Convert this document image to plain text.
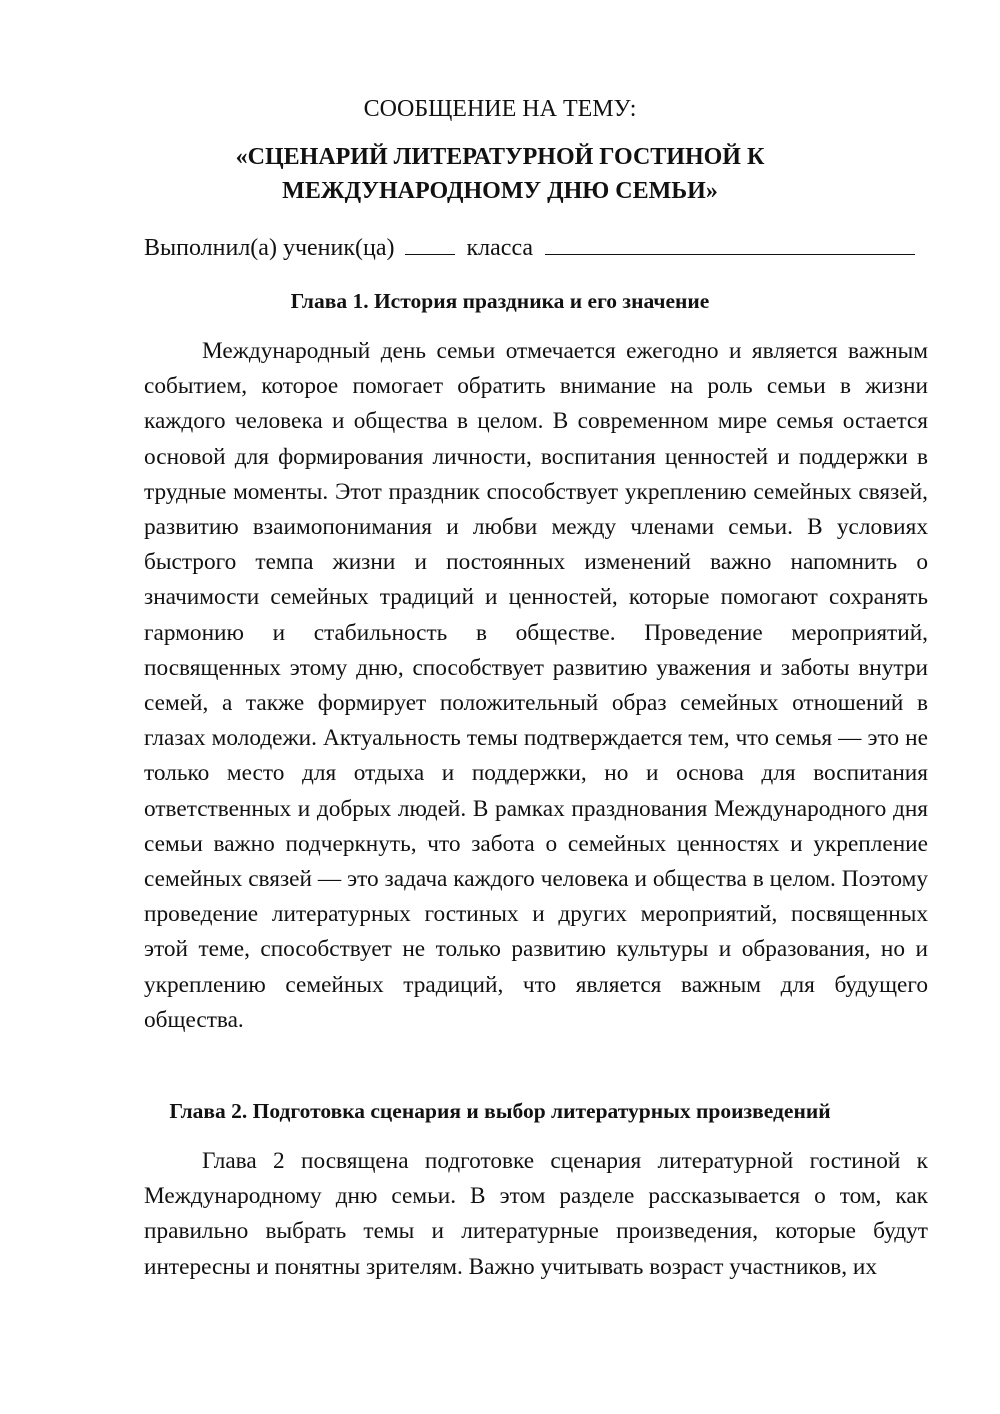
СООБЩЕНИЕ НА ТЕМУ:
«СЦЕНАРИЙ ЛИТЕРАТУРНОЙ ГОСТИНОЙ К
МЕЖДУНАРОДНОМУ ДНЮ СЕМЬИ»
Выполнил(а) ученик(ца)	класса
Глава 1. История праздника и его значение

Международный день семьи отмечается ежегодно и является важным событием, которое помогает обратить внимание на роль семьи в жизни каждого человека и общества в целом. В современном мире семья остается основой для формирования личности, воспитания ценностей и поддержки в трудные моменты. Этот праздник способствует укреплению семейных связей, развитию взаимопонимания и любви между членами семьи. В условиях быстрого темпа жизни и постоянных изменений важно напомнить о значимости семейных традиций и ценностей, которые помогают сохранять гармонию и стабильность в обществе. Проведение мероприятий, посвященных этому дню, способствует развитию уважения и заботы внутри семей, а также формирует положительный образ семейных отношений в глазах молодежи. Актуальность темы подтверждается тем, что семья — это не только место для отдыха и поддержки, но и основа для воспитания ответственных и добрых людей. В рамках празднования Международного дня семьи важно подчеркнуть, что забота о семейных ценностях и укрепление семейных связей — это задача каждого человека и общества в целом. Поэтому проведение литературных гостиных и других мероприятий, посвященных этой теме, способствует не только развитию культуры и образования, но и укреплению семейных традиций, что является важным для будущего общества.

Глава 2. Подготовка сценария и выбор литературных произведений

Глава 2 посвящена подготовке сценария литературной гостиной к Международному дню семьи. В этом разделе рассказывается о том, как правильно выбрать темы и литературные произведения, которые будут интересны и понятны зрителям. Важно учитывать возраст участников, их
